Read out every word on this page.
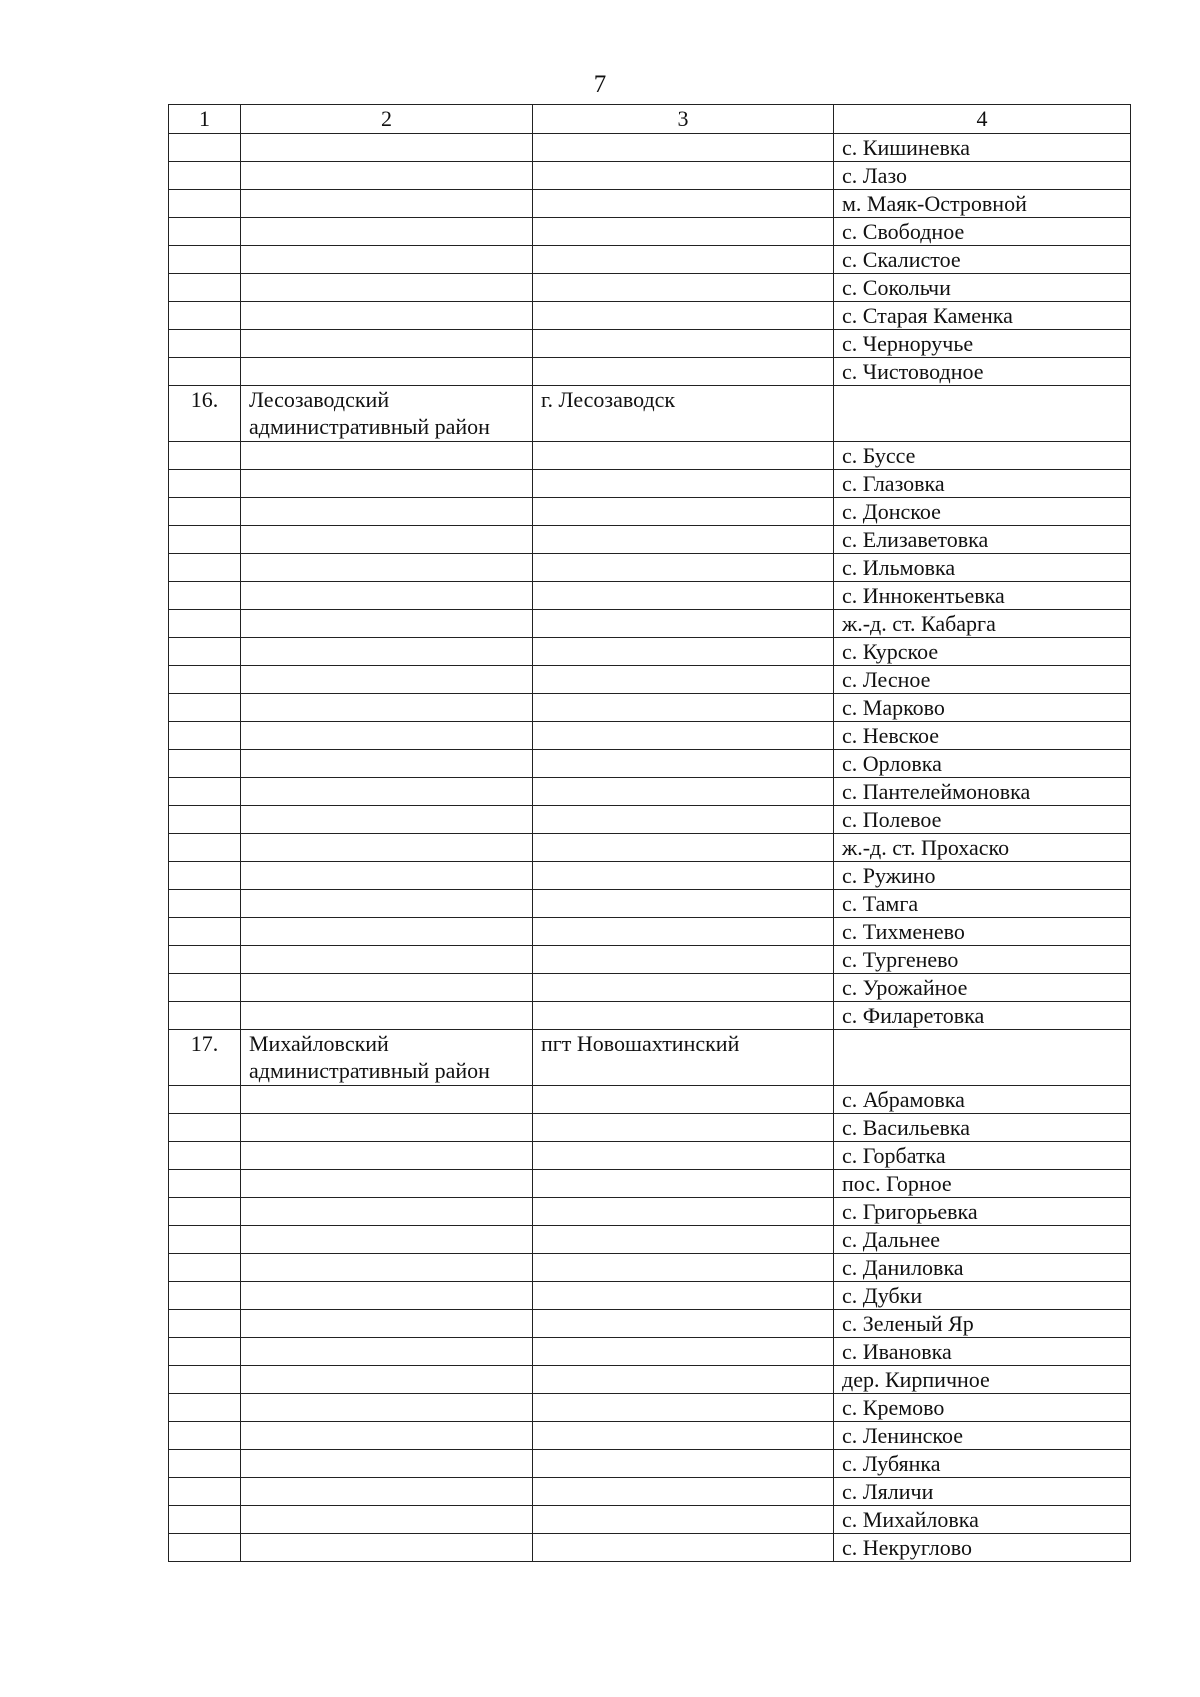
7
1	2	3	4
			с. Кишиневка
			с. Лазо
			м. Маяк-Островной
			с. Свободное
			с. Скалистое
			с. Сокольчи
			с. Старая Каменка
			с. Черноручье
			с. Чистоводное
16.	Лесозаводский административный район	г. Лесозаводск	
			с. Буссе
			с. Глазовка
			с. Донское
			с. Елизаветовка
			с. Ильмовка
			с. Иннокентьевка
			ж.-д. ст. Кабарга
			с. Курское
			с. Лесное
			с. Марково
			с. Невское
			с. Орловка
			с. Пантелеймоновка
			с. Полевое
			ж.-д. ст. Прохаско
			с. Ружино
			с. Тамга
			с. Тихменево
			с. Тургенево
			с. Урожайное
			с. Филаретовка
17.	Михайловский административный район	пгт Новошахтинский	
			с. Абрамовка
			с. Васильевка
			с. Горбатка
			пос. Горное
			с. Григорьевка
			с. Дальнее
			с. Даниловка
			с. Дубки
			с. Зеленый Яр
			с. Ивановка
			дер. Кирпичное
			с. Кремово
			с. Ленинское
			с. Лубянка
			с. Ляличи
			с. Михайловка
			с. Некруглово
